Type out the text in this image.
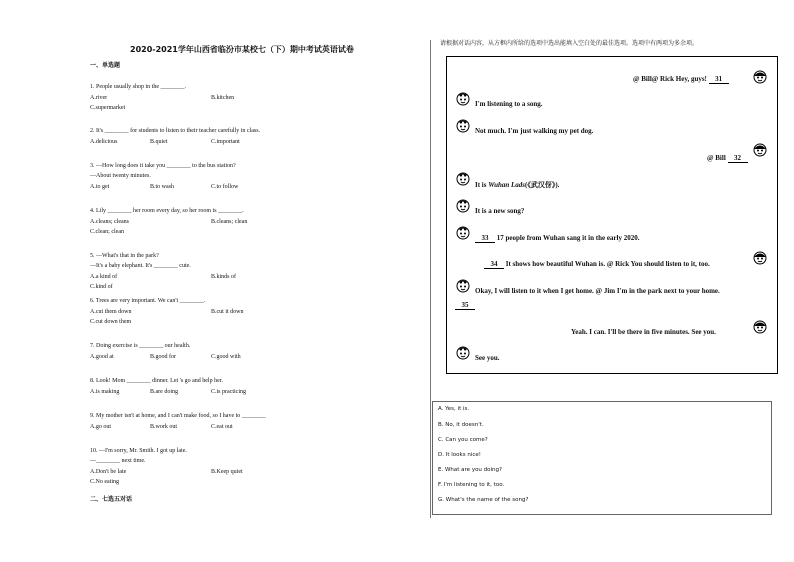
2020-2021学年山西省临汾市某校七（下）期中考试英语试卷
一、单选题
1. People usually shop in the ________.
A.river	B.kitchen
C.supermarket
2. It's ________ for students to listen to their teacher carefully in class.
A.delicious	B.quiet	C.important
3. —How long does it take you ________ to the bus station?
—About twenty minutes.
A.to get	B.to wash	C.to follow
4. Lily ________ her room every day, so her room is ________.
A.cleans; cleans	B.cleans; clean
C.clean; clean
5. —What's that in the park?
—It's a baby elephant. It's ________ cute.
A.a kind of	B.kinds of
C.kind of
6. Trees are very important. We can't ________.
A.cut them down	B.cut it down
C.cut down them
7. Doing exercise is ________ our health.
A.good at	B.good for	C.good with
8. Look! Mom ________ dinner. Let 's go and help her.
A.is making	B.are doing	C.is practicing
9. My mother isn't at home, and I can't make food, so I have to ________
A.go out	B.work out	C.eat out
10. —I'm sorry, Mr. Smith. I got up late.
—________ next time.
A.Don't be late	B.Keep quiet
C.No eating
二、七选五对话
请根据对话内容，从方框内所给的选项中选出能填入空白处的最佳选项。选项中有两项为多余项。
@ Bill@ Rick Hey, guys! 31
I'm listening to a song.
Not much. I'm just walking my pet dog.
@ Bill 32
It is Wuhan Lads(《武汉伢》).
It is a new song?
33 17 people from Wuhan sang it in the early 2020.
34 It shows how beautiful Wuhan is. @ Rick You should listen to it, too.
Okay, I will listen to it when I get home. @ Jim I'm in the park next to your home.
35
Yeah. I can. I'll be there in five minutes. See you.
See you.
A. Yes, it is.
B. No, it doesn't.
C. Can you come?
D. It looks nice!
E. What are you doing?
F. I'm listening to it, too.
G. What's the name of the song?
